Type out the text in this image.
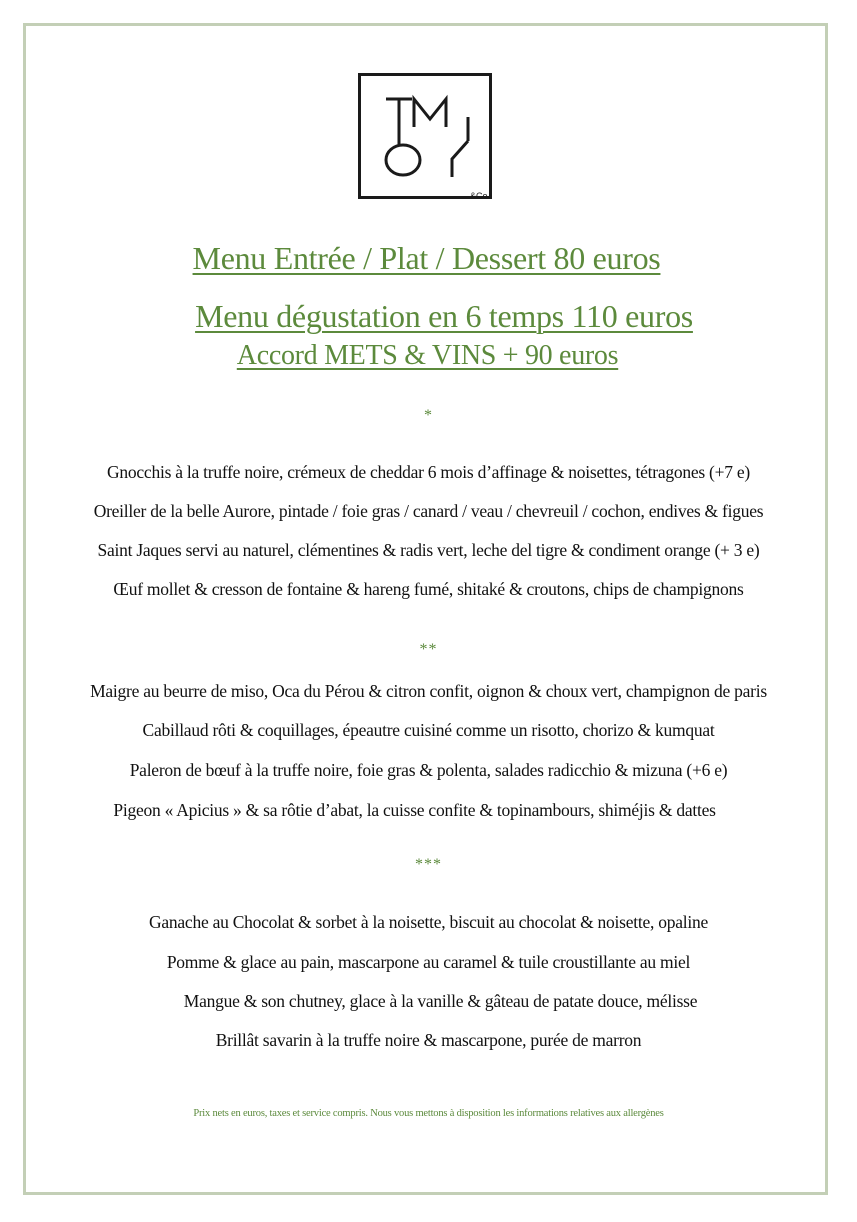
&Co
Menu Entrée / Plat / Dessert 80 euros
Menu dégustation en 6 temps 110 euros
Accord METS & VINS + 90 euros
*
Gnocchis à la truffe noire, crémeux de cheddar 6 mois d’affinage & noisettes, tétragones (+7 e)
Oreiller de la belle Aurore, pintade / foie gras / canard / veau / chevreuil / cochon, endives & figues
Saint Jaques servi au naturel, clémentines & radis vert, leche del tigre & condiment orange (+ 3 e)
Œuf mollet & cresson de fontaine & hareng fumé, shitaké & croutons, chips de champignons
**
Maigre au beurre de miso, Oca du Pérou & citron confit, oignon & choux vert, champignon de paris
Cabillaud rôti & coquillages, épeautre cuisiné comme un risotto, chorizo & kumquat
Paleron de bœuf à la truffe noire, foie gras & polenta, salades radicchio & mizuna (+6 e)
Pigeon « Apicius » & sa rôtie d’abat, la cuisse confite & topinambours, shiméjis & dattes
***
Ganache au Chocolat & sorbet à la noisette, biscuit au chocolat & noisette, opaline
Pomme & glace au pain, mascarpone au caramel & tuile croustillante au miel
Mangue & son chutney, glace à la vanille & gâteau de patate douce, mélisse
Brillât savarin à la truffe noire & mascarpone, purée de marron
Prix nets en euros, taxes et service compris. Nous vous mettons à disposition les informations relatives aux allergènes
